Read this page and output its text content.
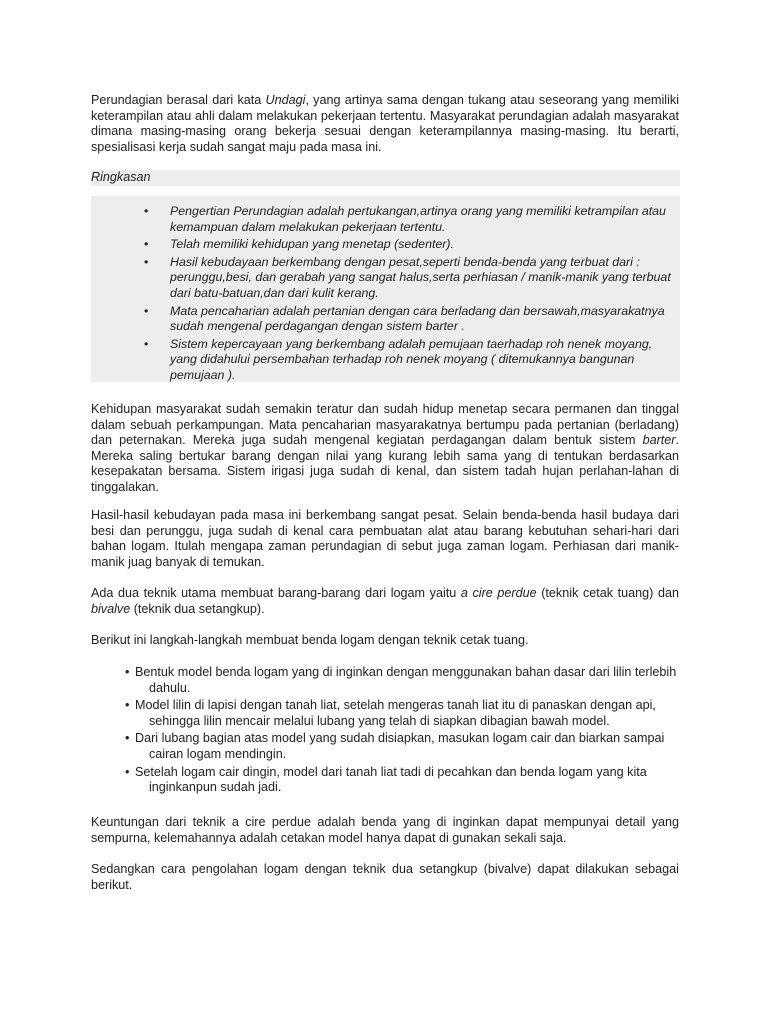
Perundagian berasal dari kata Undagi, yang artinya sama dengan tukang atau seseorang yang memiliki keterampilan atau ahli dalam melakukan pekerjaan tertentu. Masyarakat perundagian adalah masyarakat dimana masing-masing orang bekerja sesuai dengan keterampilannya masing-masing. Itu berarti, spesialisasi kerja sudah sangat maju pada masa ini.

Ringkasan
• Pengertian Perundagian adalah pertukangan,artinya orang yang memiliki ketrampilan atau kemampuan dalam melakukan pekerjaan tertentu.
• Telah memiliki kehidupan yang menetap (sedenter).
• Hasil kebudayaan berkembang dengan pesat,seperti benda-benda yang terbuat dari : perunggu,besi, dan gerabah yang sangat halus,serta perhiasan / manik-manik yang terbuat dari batu-batuan,dan dari kulit kerang.
• Mata pencaharian adalah pertanian dengan cara berladang dan bersawah,masyarakatnya sudah mengenal perdagangan dengan sistem barter .
• Sistem kepercayaan yang berkembang adalah pemujaan taerhadap roh nenek moyang, yang didahului persembahan terhadap roh nenek moyang ( ditemukannya bangunan pemujaan ).

Kehidupan masyarakat sudah semakin teratur dan sudah hidup menetap secara permanen dan tinggal dalam sebuah perkampungan. Mata pencaharian masyarakatnya bertumpu pada pertanian (berladang) dan peternakan. Mereka juga sudah mengenal kegiatan perdagangan dalam bentuk sistem barter. Mereka saling bertukar barang dengan nilai yang kurang lebih sama yang di tentukan berdasarkan kesepakatan bersama. Sistem irigasi juga sudah di kenal, dan sistem tadah hujan perlahan-lahan di tinggalakan.

Hasil-hasil kebudayan pada masa ini berkembang sangat pesat. Selain benda-benda hasil budaya dari besi dan perunggu, juga sudah di kenal cara pembuatan alat atau barang kebutuhan sehari-hari dari bahan logam. Itulah mengapa zaman perundagian di sebut juga zaman logam. Perhiasan dari manik-manik juag banyak di temukan.

Ada dua teknik utama membuat barang-barang dari logam yaitu a cire perdue (teknik cetak tuang) dan bivalve (teknik dua setangkup).

Berikut ini langkah-langkah membuat benda logam dengan teknik cetak tuang.

• Bentuk model benda logam yang di inginkan dengan menggunakan bahan dasar dari lilin terlebih
dahulu.
• Model lilin di lapisi dengan tanah liat, setelah mengeras tanah liat itu di panaskan dengan api,
sehingga lilin mencair melalui lubang yang telah di siapkan dibagian bawah model.
• Dari lubang bagian atas model yang sudah disiapkan, masukan logam cair dan biarkan sampai
cairan logam mendingin.
• Setelah logam cair dingin, model dari tanah liat tadi di pecahkan dan benda logam yang kita
inginkanpun sudah jadi.

Keuntungan dari teknik a cire perdue adalah benda yang di inginkan dapat mempunyai detail yang sempurna, kelemahannya adalah cetakan model hanya dapat di gunakan sekali saja.

Sedangkan cara pengolahan logam dengan teknik dua setangkup (bivalve) dapat dilakukan sebagai berikut.
